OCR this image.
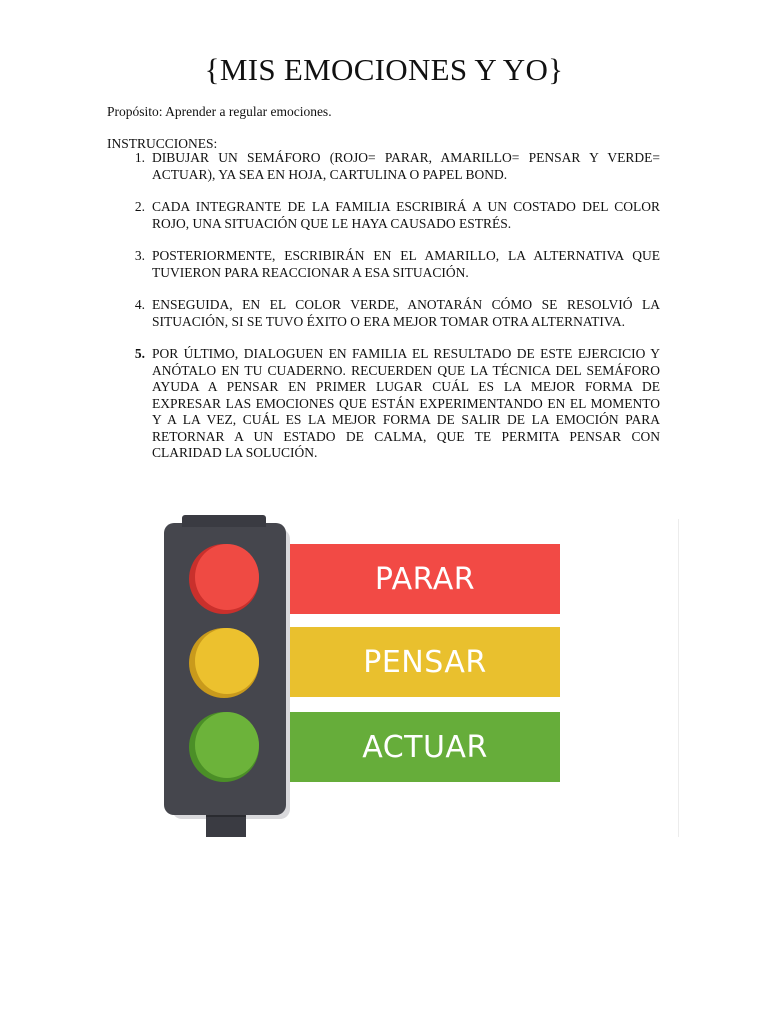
{MIS EMOCIONES Y YO}
Propósito: Aprender a regular emociones.
INSTRUCCIONES:
1. DIBUJAR UN SEMÁFORO (ROJO= PARAR, AMARILLO= PENSAR Y VERDE= ACTUAR), YA SEA EN HOJA, CARTULINA O PAPEL BOND.
2. CADA INTEGRANTE DE LA FAMILIA ESCRIBIRÁ A UN COSTADO DEL COLOR ROJO, UNA SITUACIÓN QUE LE HAYA CAUSADO ESTRÉS.
3. POSTERIORMENTE, ESCRIBIRÁN EN EL AMARILLO, LA ALTERNATIVA QUE TUVIERON PARA REACCIONAR A ESA SITUACIÓN.
4. ENSEGUIDA, EN EL COLOR VERDE, ANOTARÁN CÓMO SE RESOLVIÓ LA SITUACIÓN, SI SE TUVO ÉXITO O ERA MEJOR TOMAR OTRA ALTERNATIVA.
5. POR ÚLTIMO, DIALOGUEN EN FAMILIA EL RESULTADO DE ESTE EJERCICIO Y ANÓTALO EN TU CUADERNO. RECUERDEN QUE LA TÉCNICA DEL SEMÁFORO AYUDA A PENSAR EN PRIMER LUGAR CUÁL ES LA MEJOR FORMA DE EXPRESAR LAS EMOCIONES QUE ESTÁN EXPERIMENTANDO EN EL MOMENTO Y A LA VEZ, CUÁL ES LA MEJOR FORMA DE SALIR DE LA EMOCIÓN PARA RETORNAR A UN ESTADO DE CALMA, QUE TE PERMITA PENSAR CON CLARIDAD LA SOLUCIÓN.
PARAR
PENSAR
ACTUAR
